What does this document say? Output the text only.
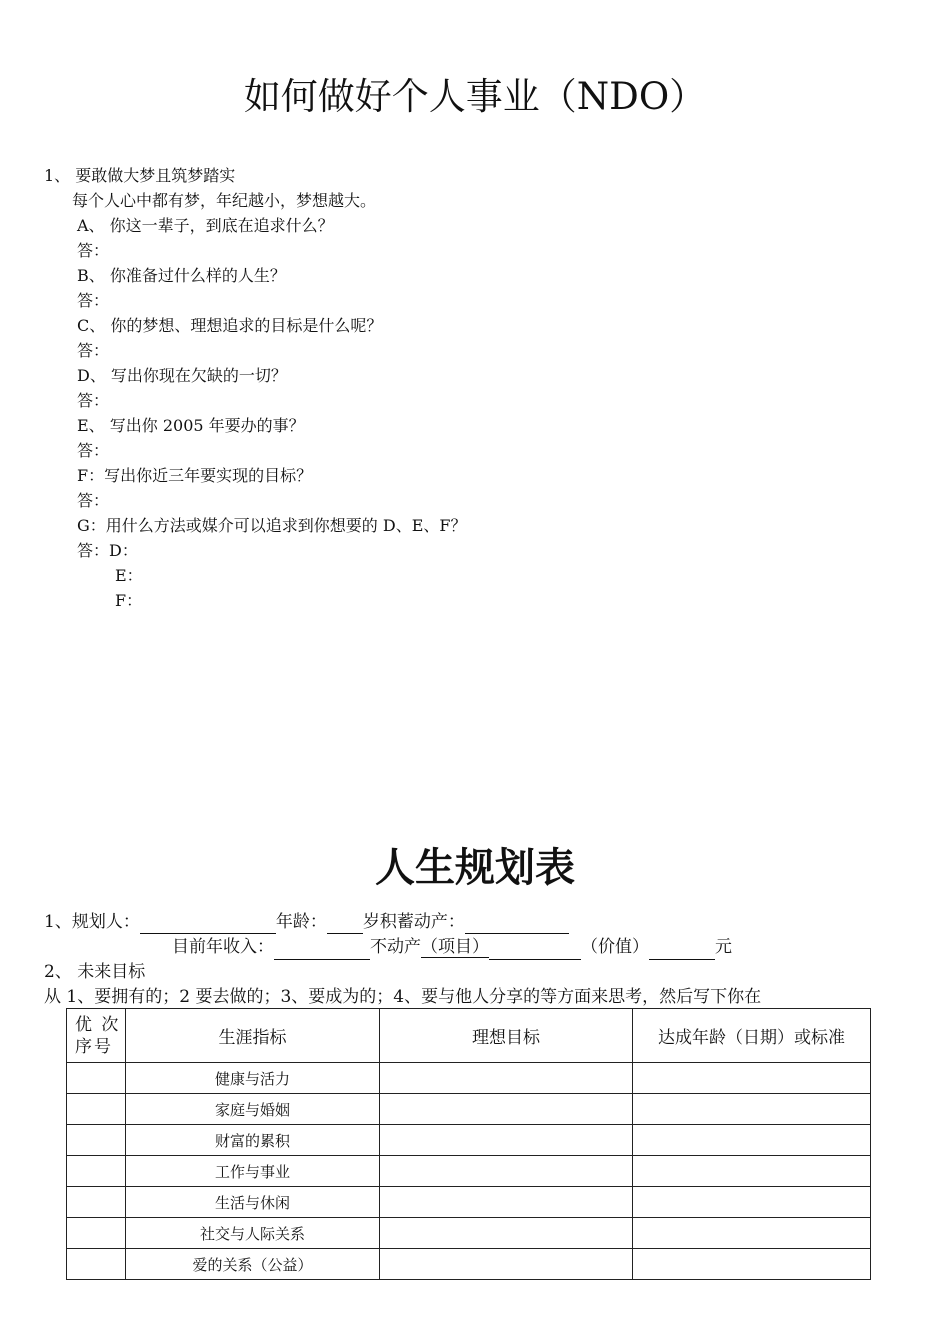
如何做好个人事业（NDO）
1、 要敢做大梦且筑梦踏实
每个人心中都有梦，年纪越小，梦想越大。
A、 你这一辈子，到底在追求什么？
答：
B、 你准备过什么样的人生？
答：
C、 你的梦想、理想追求的目标是什么呢？
答：
D、 写出你现在欠缺的一切？
答：
E、 写出你 2005 年要办的事？
答：
F：写出你近三年要实现的目标？
答：
G：用什么方法或媒介可以追求到你想要的 D、E、F？
答：D：
E：
F：
人生规划表
1、规划人：	年龄： 岁积蓄动产：
目前年收入：	不动产（项目）	（价值）	元
2、 未来目标
从 1、要拥有的；2 要去做的；3、要成为的；4、要与他人分享的等方面来思考，然后写下你在
优 次序号	生涯指标	理想目标	达成年龄（日期）或标准
	健康与活力		
	家庭与婚姻		
	财富的累积		
	工作与事业		
	生活与休闲		
	社交与人际关系		
	爱的关系（公益）		
